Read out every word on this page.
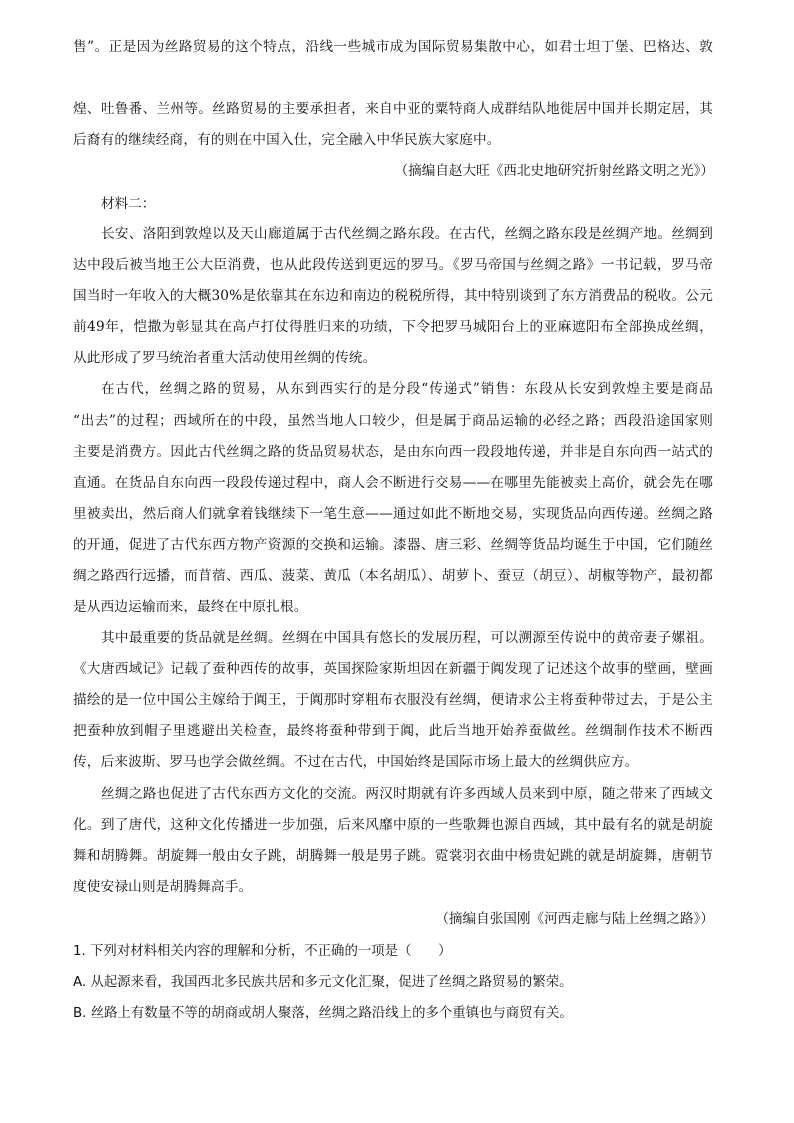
售”。正是因为丝路贸易的这个特点，沿线一些城市成为国际贸易集散中心，如君士坦丁堡、巴格达、敦
煌、吐鲁番、兰州等。丝路贸易的主要承担者，来自中亚的粟特商人成群结队地徙居中国并长期定居，其
后裔有的继续经商，有的则在中国入仕，完全融入中华民族大家庭中。
（摘编自赵大旺《西北史地研究折射丝路文明之光》）
材料二：
长安、洛阳到敦煌以及天山廊道属于古代丝绸之路东段。在古代，丝绸之路东段是丝绸产地。丝绸到
达中段后被当地王公大臣消费，也从此段传送到更远的罗马。《罗马帝国与丝绸之路》一书记载，罗马帝
国当时一年收入的大概30%是依靠其在东边和南边的税税所得，其中特别谈到了东方消费品的税收。公元
前49年，恺撒为彰显其在高卢打仗得胜归来的功绩，下令把罗马城阳台上的亚麻遮阳布全部换成丝绸，
从此形成了罗马统治者重大活动使用丝绸的传统。
在古代，丝绸之路的贸易，从东到西实行的是分段“传递式”销售：东段从长安到敦煌主要是商品
“出去”的过程；西域所在的中段，虽然当地人口较少，但是属于商品运输的必经之路；西段沿途国家则
主要是消费方。因此古代丝绸之路的货品贸易状态，是由东向西一段段地传递，并非是自东向西一站式的
直通。在货品自东向西一段段传递过程中，商人会不断进行交易——在哪里先能被卖上高价，就会先在哪
里被卖出，然后商人们就拿着钱继续下一笔生意——通过如此不断地交易，实现货品向西传递。丝绸之路
的开通，促进了古代东西方物产资源的交换和运输。漆器、唐三彩、丝绸等货品均诞生于中国，它们随丝
绸之路西行远播，而苜蓿、西瓜、菠菜、黄瓜（本名胡瓜）、胡萝卜、蚕豆（胡豆）、胡椒等物产，最初都
是从西边运输而来，最终在中原扎根。
其中最重要的货品就是丝绸。丝绸在中国具有悠长的发展历程，可以溯源至传说中的黄帝妻子嫘祖。
《大唐西域记》记载了蚕种西传的故事，英国探险家斯坦因在新疆于阗发现了记述这个故事的壁画，壁画
描绘的是一位中国公主嫁给于阗王，于阗那时穿粗布衣服没有丝绸，便请求公主将蚕种带过去，于是公主
把蚕种放到帽子里逃避出关检查，最终将蚕种带到于阗，此后当地开始养蚕做丝。丝绸制作技术不断西
传，后来波斯、罗马也学会做丝绸。不过在古代，中国始终是国际市场上最大的丝绸供应方。
丝绸之路也促进了古代东西方文化的交流。两汉时期就有许多西域人员来到中原，随之带来了西域文
化。到了唐代，这种文化传播进一步加强，后来风靡中原的一些歌舞也源自西域，其中最有名的就是胡旋
舞和胡腾舞。胡旋舞一般由女子跳，胡腾舞一般是男子跳。霓裳羽衣曲中杨贵妃跳的就是胡旋舞，唐朝节
度使安禄山则是胡腾舞高手。
（摘编自张国刚《河西走廊与陆上丝绸之路》）
1. 下列对材料相关内容的理解和分析，不正确的一项是（　　）
A. 从起源来看，我国西北多民族共居和多元文化汇聚，促进了丝绸之路贸易的繁荣。
B. 丝路上有数量不等的胡商或胡人聚落，丝绸之路沿线上的多个重镇也与商贸有关。
